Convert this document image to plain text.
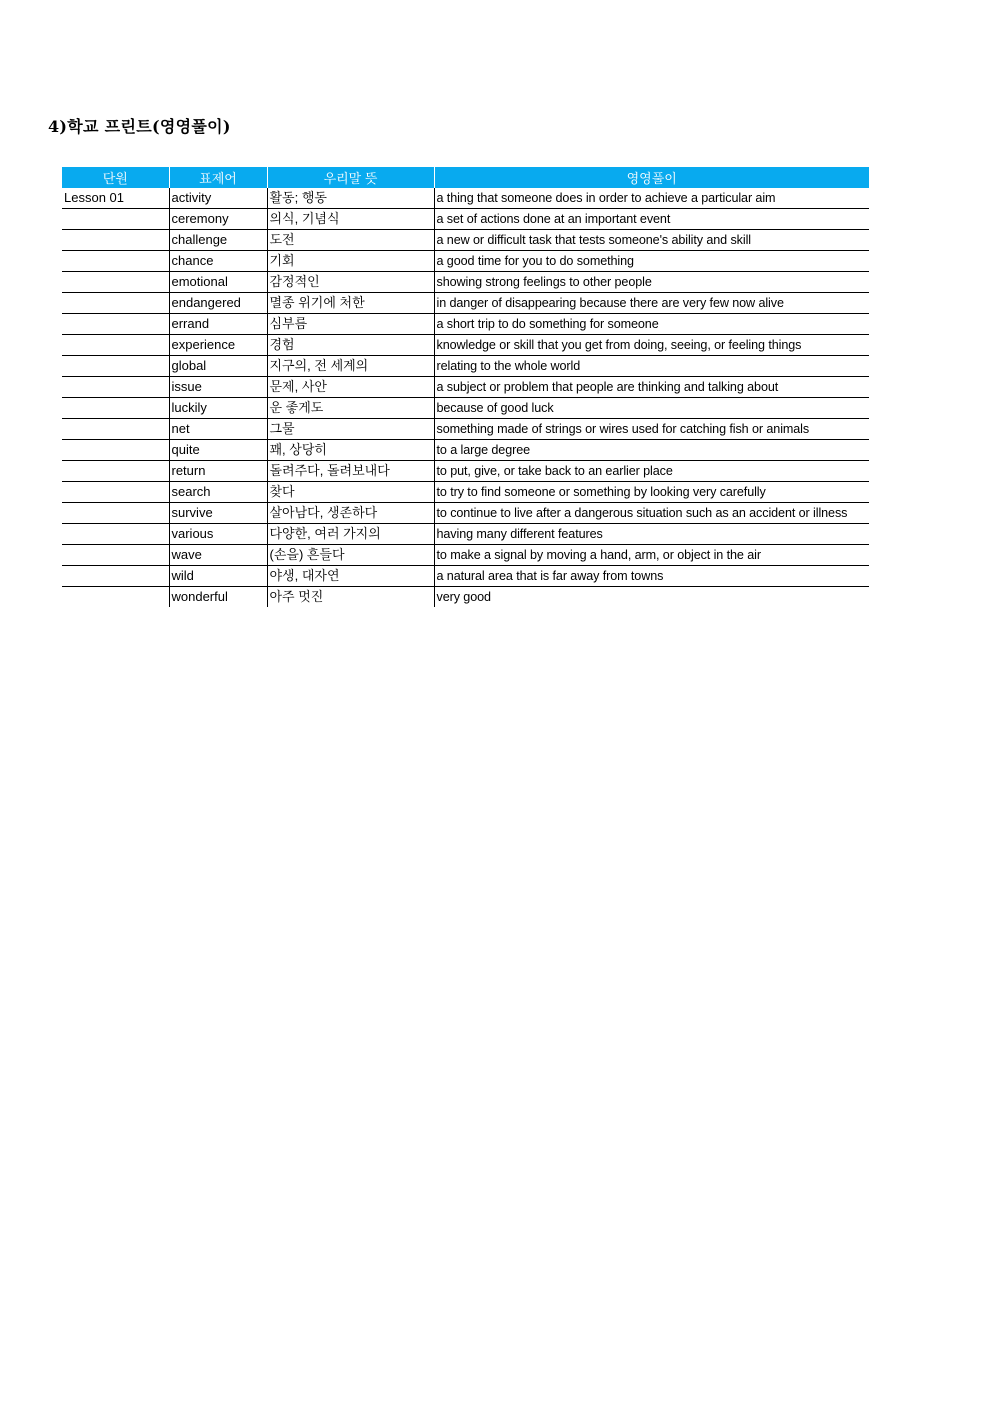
4)학교 프린트(영영풀이)
단원	표제어	우리말 뜻	영영풀이
Lesson 01	activity	활동; 행동	a thing that someone does in order to achieve a particular aim
	ceremony	의식, 기념식	a set of actions done at an important event
	challenge	도전	a new or difficult task that tests someone's ability and skill
	chance	기회	a good time for you to do something
	emotional	감정적인	showing strong feelings to other people
	endangered	멸종 위기에 처한	in danger of disappearing because there are very few now alive
	errand	심부름	a short trip to do something for someone
	experience	경험	knowledge or skill that you get from doing, seeing, or feeling things
	global	지구의, 전 세계의	relating to the whole world
	issue	문제, 사안	a subject or problem that people are thinking and talking about
	luckily	운 좋게도	because of good luck
	net	그물	something made of strings or wires used for catching fish or animals
	quite	꽤, 상당히	to a large degree
	return	돌려주다, 돌려보내다	to put, give, or take back to an earlier place
	search	찾다	to try to find someone or something by looking very carefully
	survive	살아남다, 생존하다	to continue to live after a dangerous situation such as an accident or illness
	various	다양한, 여러 가지의	having many different features
	wave	(손을) 흔들다	to make a signal by moving a hand, arm, or object in the air
	wild	야생, 대자연	a natural area that is far away from towns
	wonderful	아주 멋진	very good
